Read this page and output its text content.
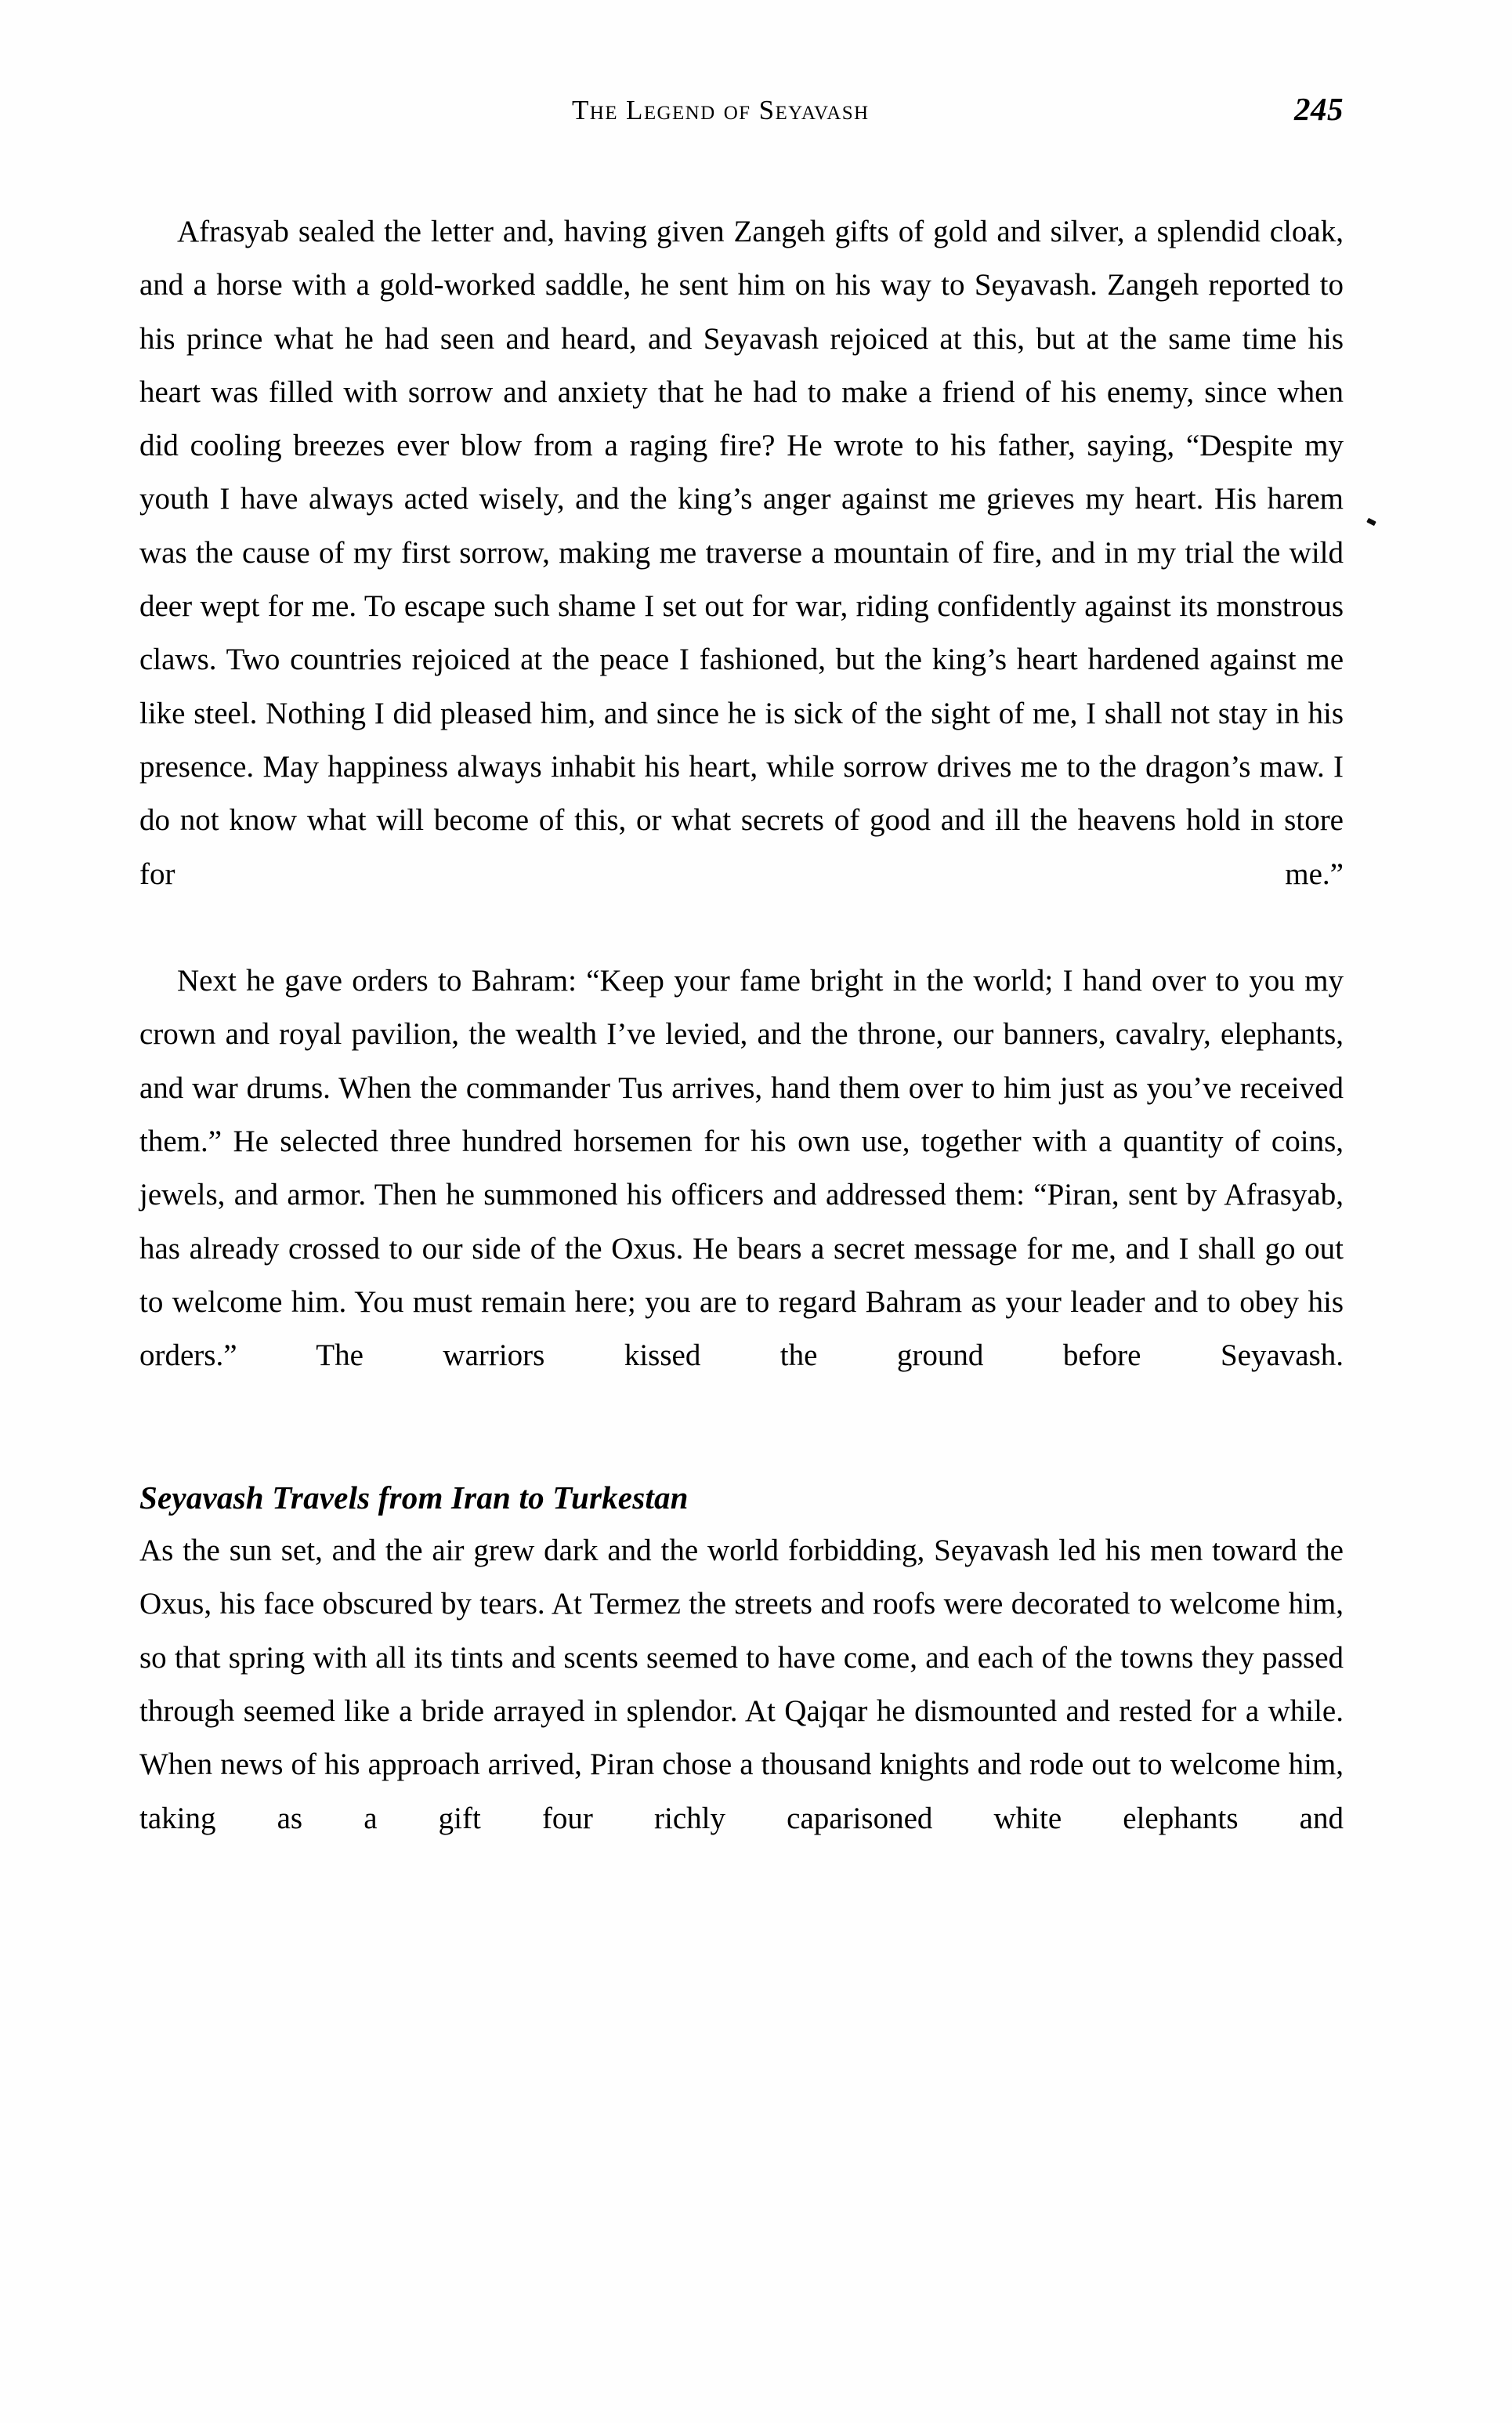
The Legend of Seyavash	245

Afrasyab sealed the letter and, having given Zangeh gifts of gold and silver, a splendid cloak, and a horse with a gold-worked saddle, he sent him on his way to Seyavash. Zangeh reported to his prince what he had seen and heard, and Seyavash rejoiced at this, but at the same time his heart was filled with sorrow and anxiety that he had to make a friend of his enemy, since when did cooling breezes ever blow from a raging fire? He wrote to his father, saying, “Despite my youth I have always acted wisely, and the king’s anger against me grieves my heart. His harem was the cause of my first sorrow, making me traverse a mountain of fire, and in my trial the wild deer wept for me. To escape such shame I set out for war, riding confidently against its monstrous claws. Two countries rejoiced at the peace I fashioned, but the king’s heart hardened against me like steel. Nothing I did pleased him, and since he is sick of the sight of me, I shall not stay in his presence. May happiness always inhabit his heart, while sorrow drives me to the dragon’s maw. I do not know what will become of this, or what secrets of good and ill the heavens hold in store for me.”

Next he gave orders to Bahram: “Keep your fame bright in the world; I hand over to you my crown and royal pavilion, the wealth I’ve levied, and the throne, our banners, cavalry, elephants, and war drums. When the commander Tus arrives, hand them over to him just as you’ve received them.” He selected three hundred horsemen for his own use, together with a quantity of coins, jewels, and armor. Then he summoned his officers and addressed them: “Piran, sent by Afrasyab, has already crossed to our side of the Oxus. He bears a secret message for me, and I shall go out to welcome him. You must remain here; you are to regard Bahram as your leader and to obey his orders.” The warriors kissed the ground before Seyavash.

Seyavash Travels from Iran to Turkestan

As the sun set, and the air grew dark and the world forbidding, Seyavash led his men toward the Oxus, his face obscured by tears. At Termez the streets and roofs were decorated to welcome him, so that spring with all its tints and scents seemed to have come, and each of the towns they passed through seemed like a bride arrayed in splendor. At Qajqar he dismounted and rested for a while. When news of his approach arrived, Piran chose a thousand knights and rode out to welcome him, taking as a gift four richly caparisoned white elephants and
